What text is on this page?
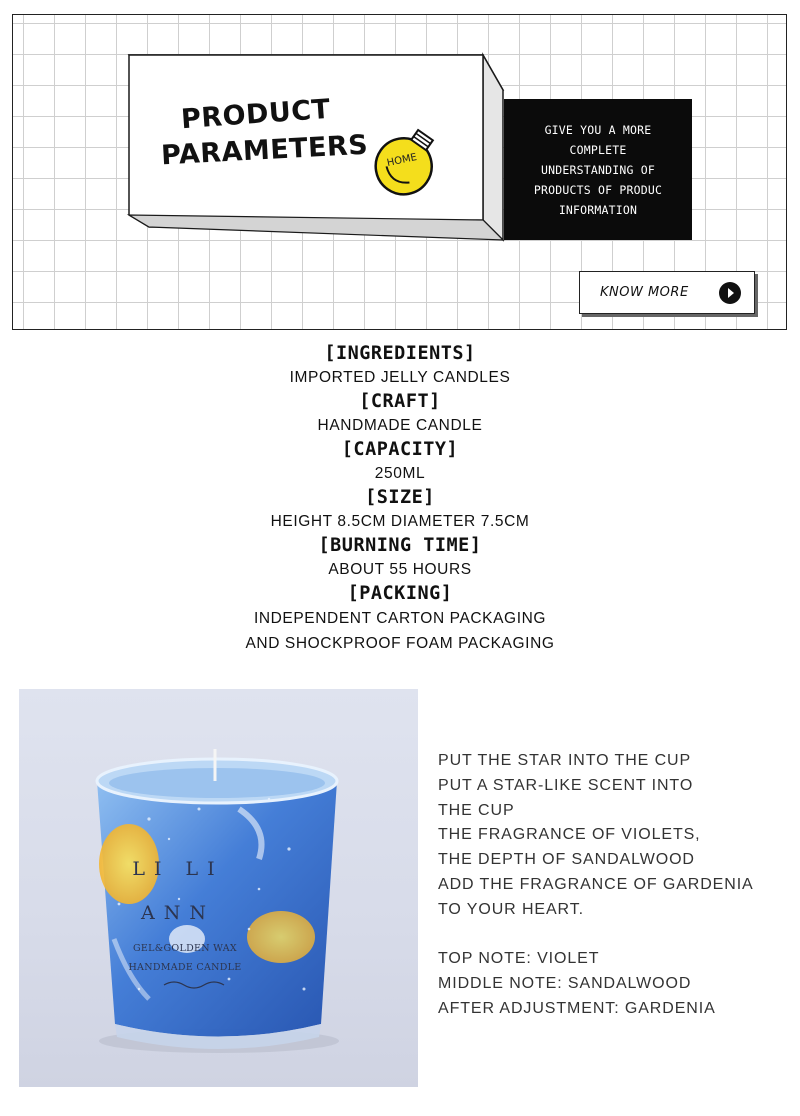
PRODUCT
PARAMETERS	HOME
GIVE YOU A MORE
COMPLETE
UNDERSTANDING OF
PRODUCTS OF PRODUC
INFORMATION
KNOW MORE
[INGREDIENTS]
IMPORTED JELLY CANDLES
[CRAFT]
HANDMADE CANDLE
[CAPACITY]
250ML
[SIZE]
HEIGHT 8.5CM DIAMETER 7.5CM
[BURNING TIME]
ABOUT 55 HOURS
[PACKING]
INDEPENDENT CARTON PACKAGING
AND SHOCKPROOF FOAM PACKAGING
LI LI
ANN
GEL&GOLDEN WAX
HANDMADE CANDLE
PUT THE STAR INTO THE CUP
PUT A STAR-LIKE SCENT INTO
THE CUP
THE FRAGRANCE OF VIOLETS,
THE DEPTH OF SANDALWOOD
ADD THE FRAGRANCE OF GARDENIA
TO YOUR HEART.
TOP NOTE: VIOLET
MIDDLE NOTE: SANDALWOOD
AFTER ADJUSTMENT: GARDENIA
